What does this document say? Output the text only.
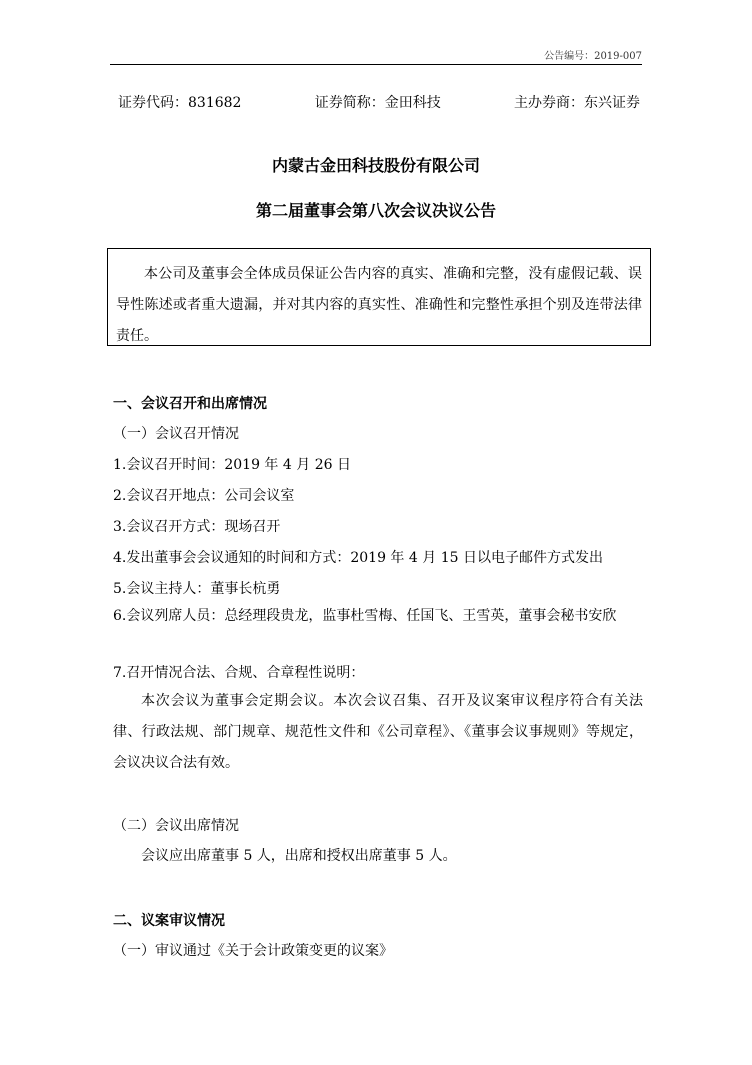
公告编号：2019-007
证券代码：831682	证券简称：金田科技	主办券商：东兴证券
内蒙古金田科技股份有限公司
第二届董事会第八次会议决议公告
本公司及董事会全体成员保证公告内容的真实、准确和完整，没有虚假记载、误导性陈述或者重大遗漏，并对其内容的真实性、准确性和完整性承担个别及连带法律责任。
一、会议召开和出席情况
（一）会议召开情况
1.会议召开时间：2019 年 4 月 26 日
2.会议召开地点：公司会议室
3.会议召开方式：现场召开
4.发出董事会会议通知的时间和方式：2019 年 4 月 15 日以电子邮件方式发出
5.会议主持人：董事长杭勇
6.会议列席人员：总经理段贵龙，监事杜雪梅、任国飞、王雪英，董事会秘书安欣
7.召开情况合法、合规、合章程性说明：
本次会议为董事会定期会议。本次会议召集、召开及议案审议程序符合有关法律、行政法规、部门规章、规范性文件和《公司章程》、《董事会议事规则》等规定，会议决议合法有效。
（二）会议出席情况
会议应出席董事 5 人，出席和授权出席董事 5 人。
二、议案审议情况
（一）审议通过《关于会计政策变更的议案》
